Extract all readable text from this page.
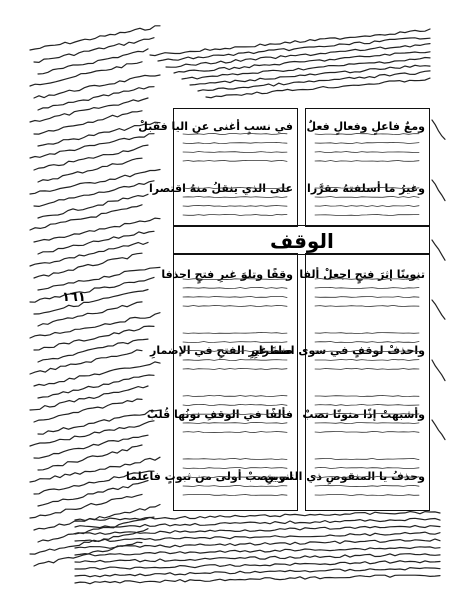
١٦١
الوقف
ومعٌ فاعلٍ وفعالٍ فعلٌ
وغيرُ ما أسلفتهُ مقرَّرا
في نسبٍ أغنى عنِ اليا فقبلْ
على الذي ينقلُ منهُ اقتصرا
تنوينًا إثرَ فتحٍ اجعلْ ألفا
واحذفْ لوقفٍ في سوى اضطرارِ
وأشبهتْ إذًا منونًا نصبْ
وحذفُ يا المنقوصِ ذي التنوينِ
وقفًا وتلوَ غيرِ فتحٍ احذفا
صلةَ غيرِ الفتحِ في الإضمارِ
فألفًا في الوقفِ نونُها قُلبْ
لم ينصبْ أولى من ثبوتٍ فاعلما
